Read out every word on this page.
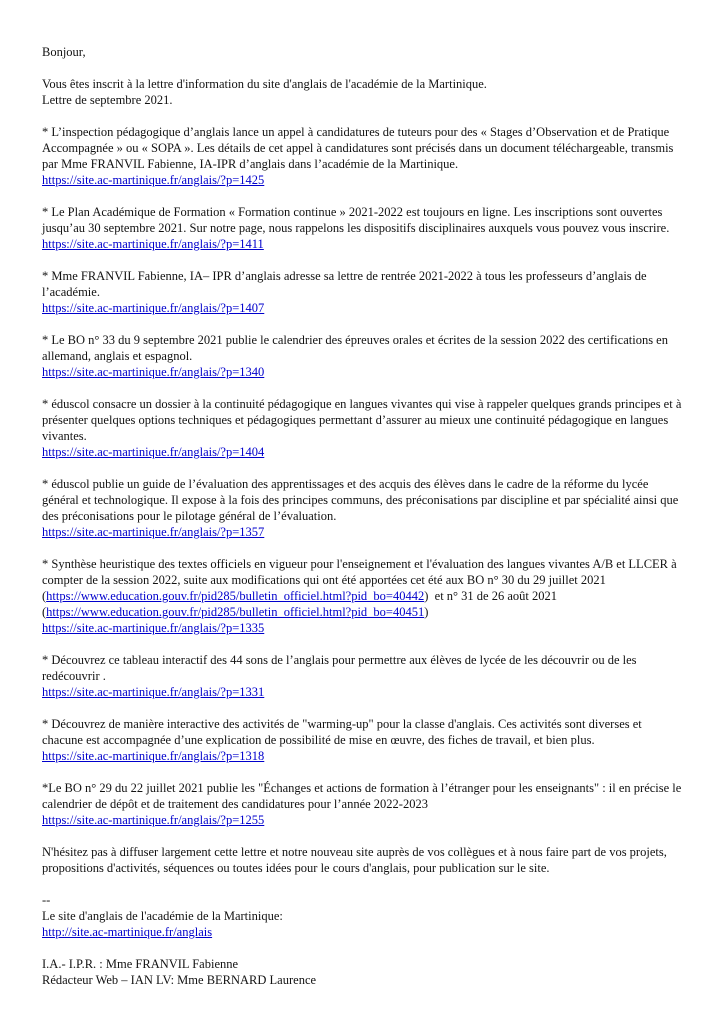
Bonjour,

Vous êtes inscrit à la lettre d'information du site d'anglais de l'académie de la Martinique.
Lettre de septembre 2021.

* L’inspection pédagogique d’anglais lance un appel à candidatures de tuteurs pour des « Stages d’Observation et de Pratique Accompagnée » ou « SOPA ». Les détails de cet appel à candidatures sont précisés dans un document téléchargeable, transmis par Mme FRANVIL Fabienne, IA-IPR d’anglais dans l’académie de la Martinique.
https://site.ac-martinique.fr/anglais/?p=1425

* Le Plan Académique de Formation « Formation continue » 2021-2022 est toujours en ligne. Les inscriptions sont ouvertes jusqu’au 30 septembre 2021. Sur notre page, nous rappelons les dispositifs disciplinaires auxquels vous pouvez vous inscrire.
https://site.ac-martinique.fr/anglais/?p=1411

* Mme FRANVIL Fabienne, IA– IPR d’anglais adresse sa lettre de rentrée 2021-2022 à tous les professeurs d’anglais de l’académie.
https://site.ac-martinique.fr/anglais/?p=1407

* Le BO n° 33 du 9 septembre 2021 publie le calendrier des épreuves orales et écrites de la session 2022 des certifications en allemand, anglais et espagnol.
https://site.ac-martinique.fr/anglais/?p=1340

* éduscol consacre un dossier à la continuité pédagogique en langues vivantes qui vise à rappeler quelques grands principes et à présenter quelques options techniques et pédagogiques permettant d’assurer au mieux une continuité pédagogique en langues vivantes.
https://site.ac-martinique.fr/anglais/?p=1404

* éduscol publie un guide de l’évaluation des apprentissages et des acquis des élèves dans le cadre de la réforme du lycée général et technologique. Il expose à la fois des principes communs, des préconisations par discipline et par spécialité ainsi que des préconisations pour le pilotage général de l’évaluation.
https://site.ac-martinique.fr/anglais/?p=1357

* Synthèse heuristique des textes officiels en vigueur pour l'enseignement et l'évaluation des langues vivantes A/B et LLCER à compter de la session 2022, suite aux modifications qui ont été apportées cet été aux BO n° 30 du 29 juillet 2021 (https://www.education.gouv.fr/pid285/bulletin_officiel.html?pid_bo=40442)  et n° 31 de 26 août 2021 (https://www.education.gouv.fr/pid285/bulletin_officiel.html?pid_bo=40451)
https://site.ac-martinique.fr/anglais/?p=1335

* Découvrez ce tableau interactif des 44 sons de l’anglais pour permettre aux élèves de lycée de les découvrir ou de les redécouvrir .
https://site.ac-martinique.fr/anglais/?p=1331

* Découvrez de manière interactive des activités de "warming-up" pour la classe d'anglais. Ces activités sont diverses et chacune est accompagnée d’une explication de possibilité de mise en œuvre, des fiches de travail, et bien plus.
https://site.ac-martinique.fr/anglais/?p=1318

*Le BO n° 29 du 22 juillet 2021 publie les "Échanges et actions de formation à l’étranger pour les enseignants" : il en précise le calendrier de dépôt et de traitement des candidatures pour l’année 2022-2023
https://site.ac-martinique.fr/anglais/?p=1255

N'hésitez pas à diffuser largement cette lettre et notre nouveau site auprès de vos collègues et à nous faire part de vos projets, propositions d'activités, séquences ou toutes idées pour le cours d'anglais, pour publication sur le site.

--
Le site d'anglais de l'académie de la Martinique:
http://site.ac-martinique.fr/anglais

I.A.- I.P.R. : Mme FRANVIL Fabienne
Rédacteur Web – IAN LV: Mme BERNARD Laurence
